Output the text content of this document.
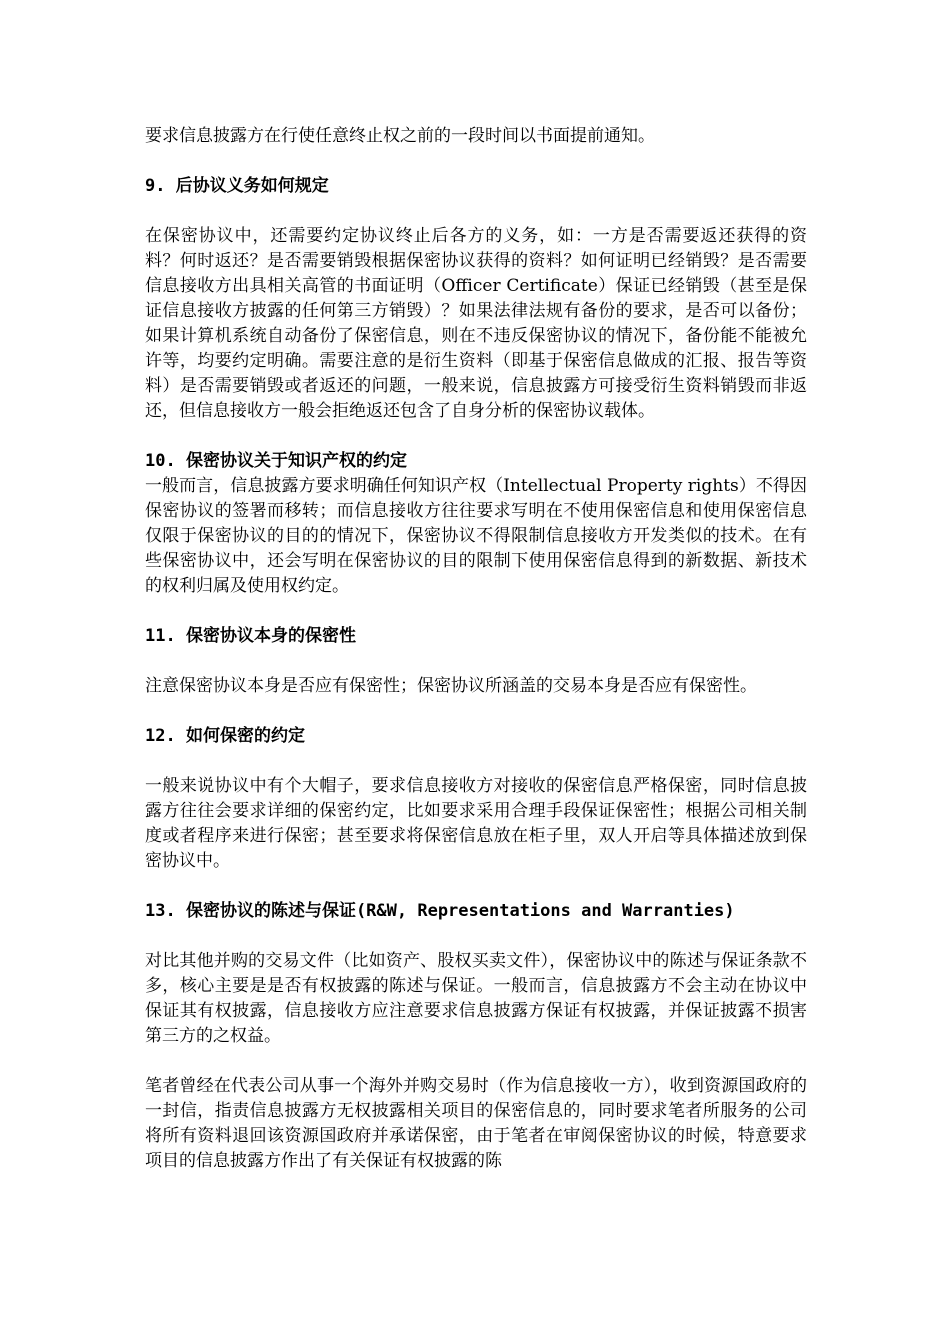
要求信息披露方在行使任意终止权之前的一段时间以书面提前通知。

9. 后协议义务如何规定

在保密协议中，还需要约定协议终止后各方的义务，如：一方是否需要返还获得的资料？何时返还？是否需要销毁根据保密协议获得的资料？如何证明已经销毁？是否需要信息接收方出具相关高管的书面证明（Officer Certificate）保证已经销毁（甚至是保证信息接收方披露的任何第三方销毁）？如果法律法规有备份的要求，是否可以备份；如果计算机系统自动备份了保密信息，则在不违反保密协议的情况下，备份能不能被允许等，均要约定明确。需要注意的是衍生资料（即基于保密信息做成的汇报、报告等资料）是否需要销毁或者返还的问题，一般来说，信息披露方可接受衍生资料销毁而非返还，但信息接收方一般会拒绝返还包含了自身分析的保密协议载体。

10. 保密协议关于知识产权的约定

一般而言，信息披露方要求明确任何知识产权（Intellectual Property rights）不得因保密协议的签署而移转；而信息接收方往往要求写明在不使用保密信息和使用保密信息仅限于保密协议的目的的情况下，保密协议不得限制信息接收方开发类似的技术。在有些保密协议中，还会写明在保密协议的目的限制下使用保密信息得到的新数据、新技术的权利归属及使用权约定。

11. 保密协议本身的保密性

注意保密协议本身是否应有保密性；保密协议所涵盖的交易本身是否应有保密性。

12. 如何保密的约定

一般来说协议中有个大帽子，要求信息接收方对接收的保密信息严格保密，同时信息披露方往往会要求详细的保密约定，比如要求采用合理手段保证保密性；根据公司相关制度或者程序来进行保密；甚至要求将保密信息放在柜子里，双人开启等具体描述放到保密协议中。

13. 保密协议的陈述与保证(R&W, Representations and Warranties)

对比其他并购的交易文件（比如资产、股权买卖文件），保密协议中的陈述与保证条款不多，核心主要是是否有权披露的陈述与保证。一般而言，信息披露方不会主动在协议中保证其有权披露，信息接收方应注意要求信息披露方保证有权披露，并保证披露不损害第三方的之权益。

笔者曾经在代表公司从事一个海外并购交易时（作为信息接收一方），收到资源国政府的一封信，指责信息披露方无权披露相关项目的保密信息的，同时要求笔者所服务的公司将所有资料退回该资源国政府并承诺保密，由于笔者在审阅保密协议的时候，特意要求项目的信息披露方作出了有关保证有权披露的陈
